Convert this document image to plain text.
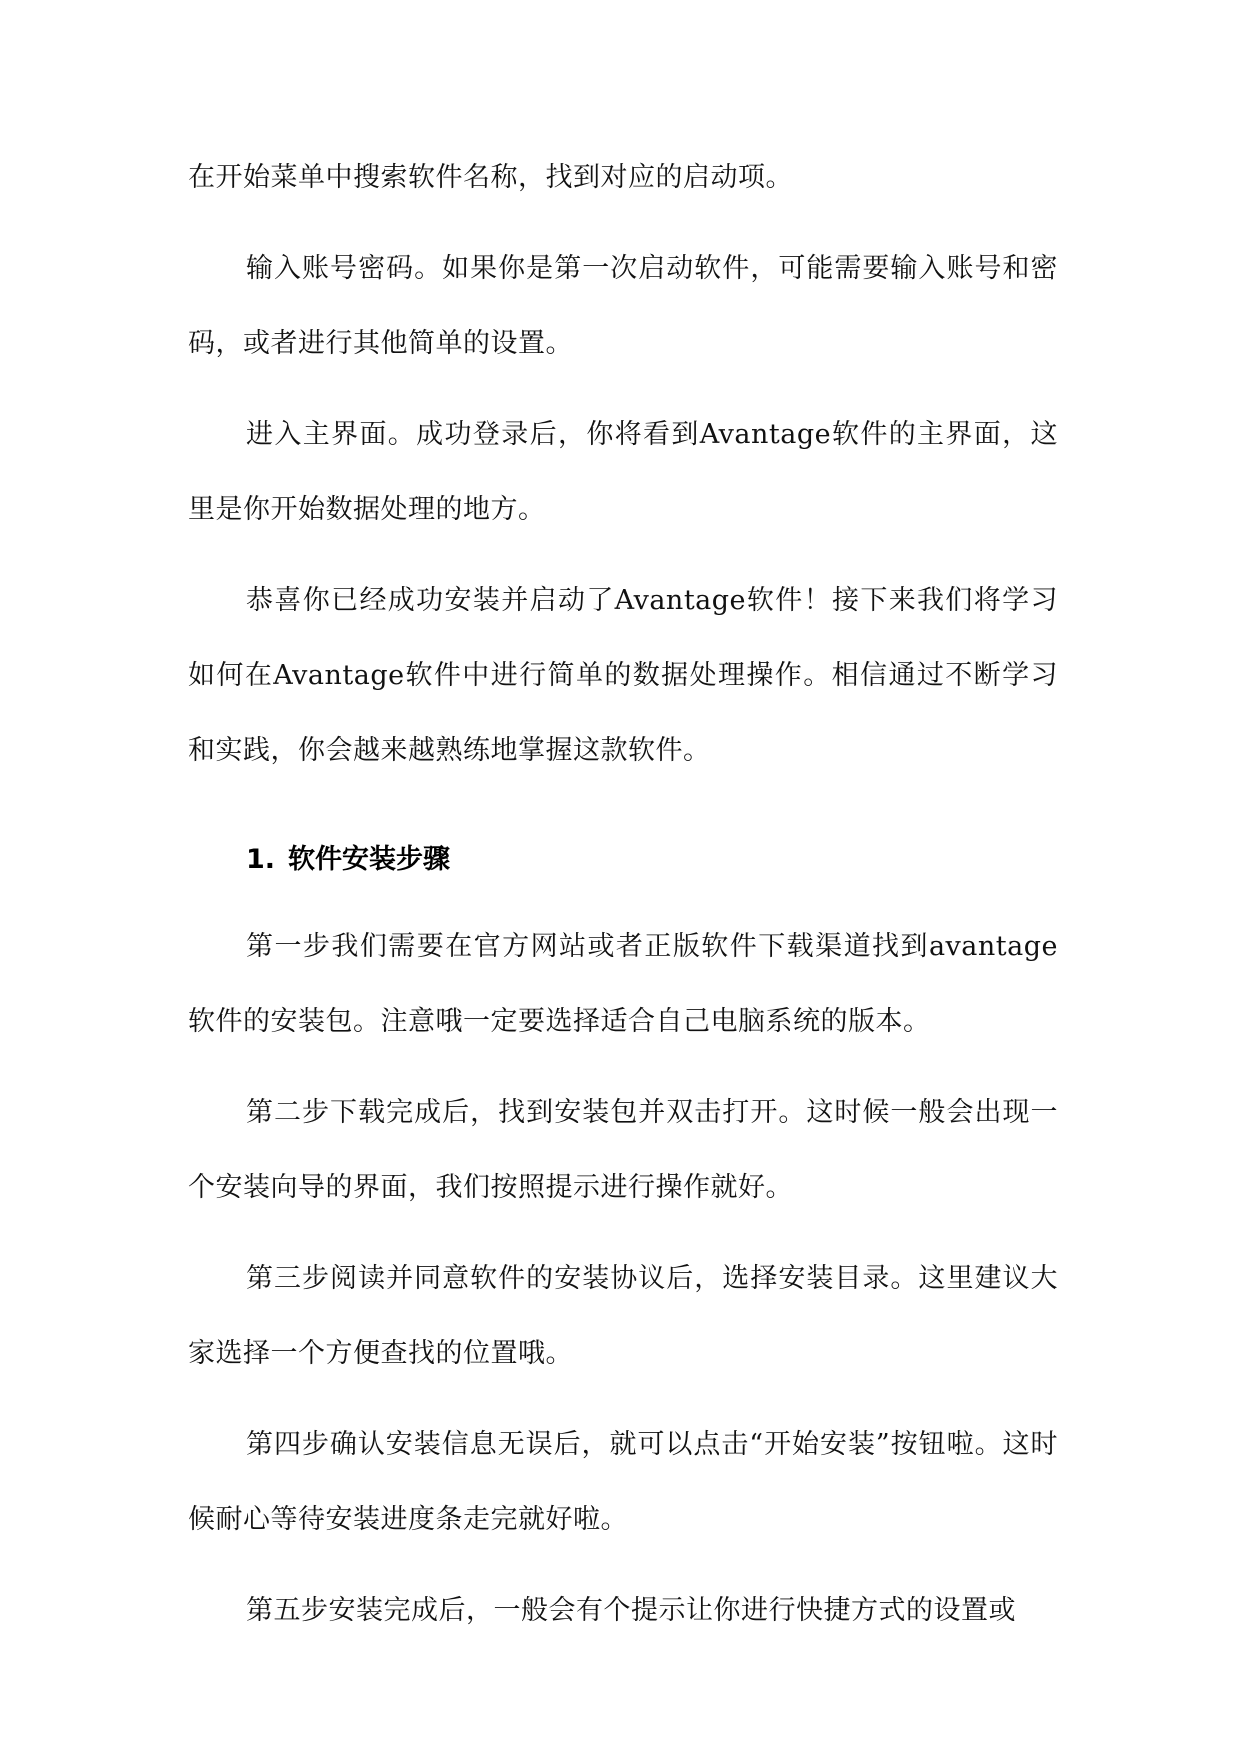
在开始菜单中搜索软件名称，找到对应的启动项。

输入账号密码。如果你是第一次启动软件，可能需要输入账号和密码，或者进行其他简单的设置。

进入主界面。成功登录后，你将看到Avantage软件的主界面，这里是你开始数据处理的地方。

恭喜你已经成功安装并启动了Avantage软件！接下来我们将学习如何在Avantage软件中进行简单的数据处理操作。相信通过不断学习和实践，你会越来越熟练地掌握这款软件。

1. 软件安装步骤

第一步我们需要在官方网站或者正版软件下载渠道找到avantage软件的安装包。注意哦一定要选择适合自己电脑系统的版本。

第二步下载完成后，找到安装包并双击打开。这时候一般会出现一个安装向导的界面，我们按照提示进行操作就好。

第三步阅读并同意软件的安装协议后，选择安装目录。这里建议大家选择一个方便查找的位置哦。

第四步确认安装信息无误后，就可以点击“开始安装”按钮啦。这时候耐心等待安装进度条走完就好啦。

第五步安装完成后，一般会有个提示让你进行快捷方式的设置或
